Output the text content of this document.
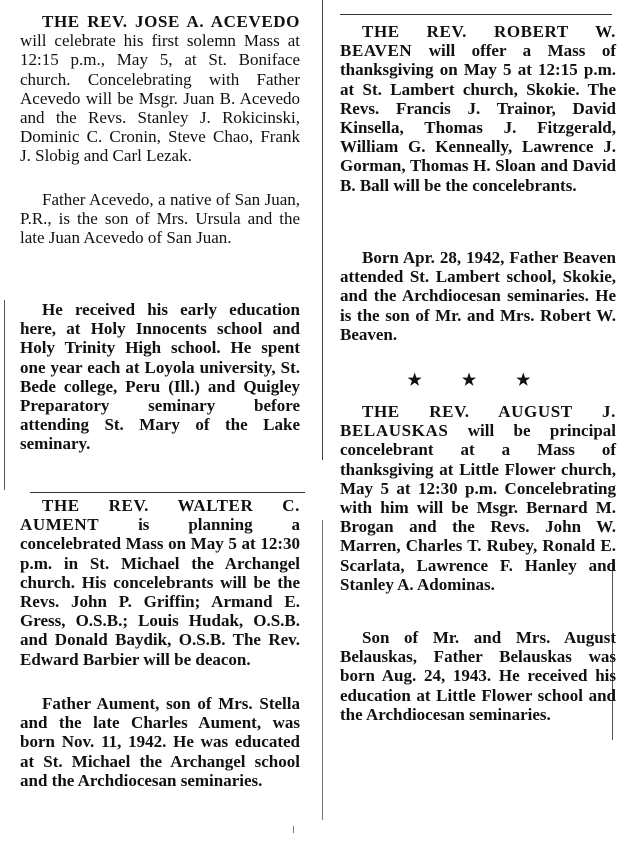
THE REV. JOSE A. ACEVEDO will celebrate his first solemn Mass at 12:15 p.m., May 5, at St. Boniface church. Concelebrating with Father Acevedo will be Msgr. Juan B. Acevedo and the Revs. Stanley J. Rokicinski, Dominic C. Cronin, Steve Chao, Frank J. Slobig and Carl Lezak.

Father Acevedo, a native of San Juan, P.R., is the son of Mrs. Ursula and the late Juan Acevedo of San Juan.

He received his early education here, at Holy Innocents school and Holy Trinity High school. He spent one year each at Loyola university, St. Bede college, Peru (Ill.) and Quigley Preparatory seminary before attending St. Mary of the Lake seminary.

THE REV. WALTER C. AUMENT is planning a concelebrated Mass on May 5 at 12:30 p.m. in St. Michael the Archangel church. His concelebrants will be the Revs. John P. Griffin; Armand E. Gress, O.S.B.; Louis Hudak, O.S.B. and Donald Baydik, O.S.B. The Rev. Edward Barbier will be deacon.

Father Aument, son of Mrs. Stella and the late Charles Aument, was born Nov. 11, 1942. He was educated at St. Michael the Archangel school and the Archdiocesan seminaries.

THE REV. ROBERT W. BEAVEN will offer a Mass of thanksgiving on May 5 at 12:15 p.m. at St. Lambert church, Skokie. The Revs. Francis J. Trainor, David Kinsella, Thomas J. Fitzgerald, William G. Kenneally, Lawrence J. Gorman, Thomas H. Sloan and David B. Ball will be the concelebrants.

Born Apr. 28, 1942, Father Beaven attended St. Lambert school, Skokie, and the Archdiocesan seminaries. He is the son of Mr. and Mrs. Robert W. Beaven.

★ ★ ★

THE REV. AUGUST J. BELAUSKAS will be principal concelebrant at a Mass of thanksgiving at Little Flower church, May 5 at 12:30 p.m. Concelebrating with him will be Msgr. Bernard M. Brogan and the Revs. John W. Marren, Charles T. Rubey, Ronald E. Scarlata, Lawrence F. Hanley and Stanley A. Adominas.

Son of Mr. and Mrs. August Belauskas, Father Belauskas was born Aug. 24, 1943. He received his education at Little Flower school and the Archdiocesan seminaries.
